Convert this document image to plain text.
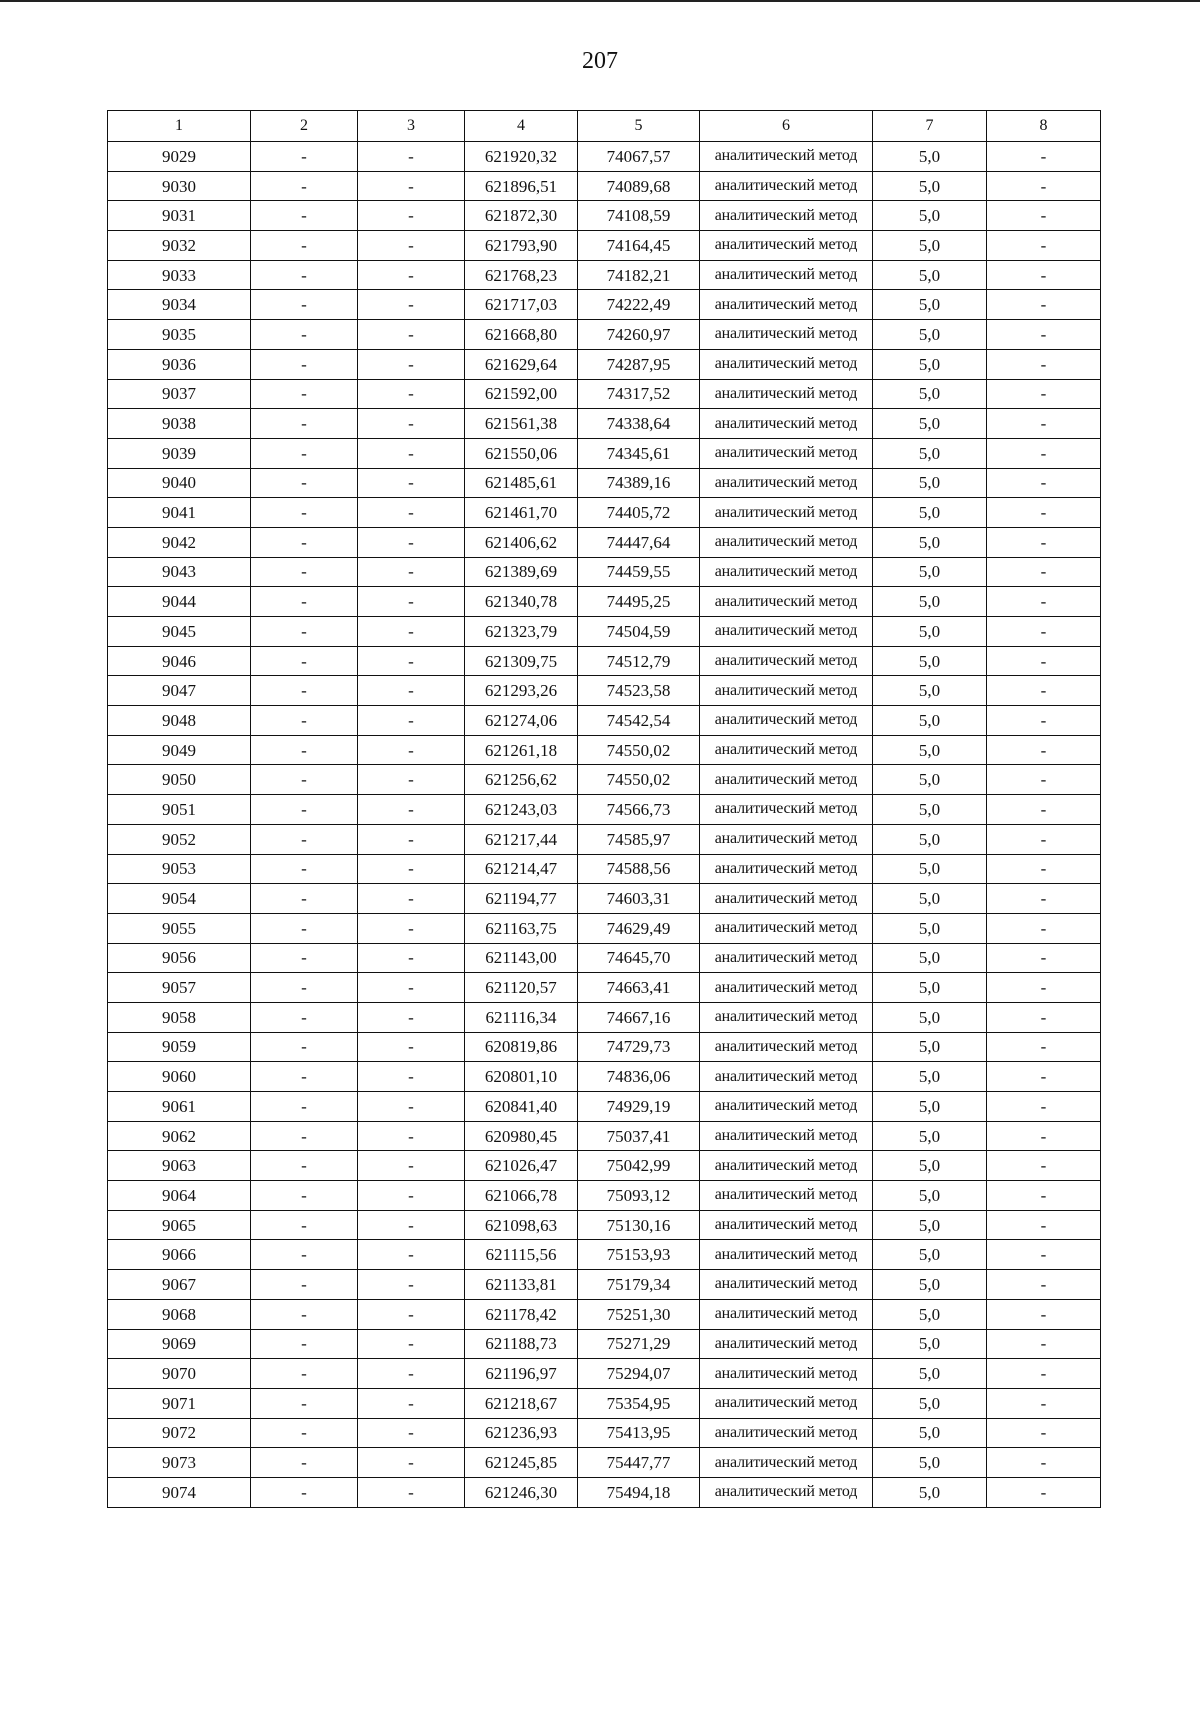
207
1	2	3	4	5	6	7	8
9029	-	-	621920,32	74067,57	аналитический метод	5,0	-
9030	-	-	621896,51	74089,68	аналитический метод	5,0	-
9031	-	-	621872,30	74108,59	аналитический метод	5,0	-
9032	-	-	621793,90	74164,45	аналитический метод	5,0	-
9033	-	-	621768,23	74182,21	аналитический метод	5,0	-
9034	-	-	621717,03	74222,49	аналитический метод	5,0	-
9035	-	-	621668,80	74260,97	аналитический метод	5,0	-
9036	-	-	621629,64	74287,95	аналитический метод	5,0	-
9037	-	-	621592,00	74317,52	аналитический метод	5,0	-
9038	-	-	621561,38	74338,64	аналитический метод	5,0	-
9039	-	-	621550,06	74345,61	аналитический метод	5,0	-
9040	-	-	621485,61	74389,16	аналитический метод	5,0	-
9041	-	-	621461,70	74405,72	аналитический метод	5,0	-
9042	-	-	621406,62	74447,64	аналитический метод	5,0	-
9043	-	-	621389,69	74459,55	аналитический метод	5,0	-
9044	-	-	621340,78	74495,25	аналитический метод	5,0	-
9045	-	-	621323,79	74504,59	аналитический метод	5,0	-
9046	-	-	621309,75	74512,79	аналитический метод	5,0	-
9047	-	-	621293,26	74523,58	аналитический метод	5,0	-
9048	-	-	621274,06	74542,54	аналитический метод	5,0	-
9049	-	-	621261,18	74550,02	аналитический метод	5,0	-
9050	-	-	621256,62	74550,02	аналитический метод	5,0	-
9051	-	-	621243,03	74566,73	аналитический метод	5,0	-
9052	-	-	621217,44	74585,97	аналитический метод	5,0	-
9053	-	-	621214,47	74588,56	аналитический метод	5,0	-
9054	-	-	621194,77	74603,31	аналитический метод	5,0	-
9055	-	-	621163,75	74629,49	аналитический метод	5,0	-
9056	-	-	621143,00	74645,70	аналитический метод	5,0	-
9057	-	-	621120,57	74663,41	аналитический метод	5,0	-
9058	-	-	621116,34	74667,16	аналитический метод	5,0	-
9059	-	-	620819,86	74729,73	аналитический метод	5,0	-
9060	-	-	620801,10	74836,06	аналитический метод	5,0	-
9061	-	-	620841,40	74929,19	аналитический метод	5,0	-
9062	-	-	620980,45	75037,41	аналитический метод	5,0	-
9063	-	-	621026,47	75042,99	аналитический метод	5,0	-
9064	-	-	621066,78	75093,12	аналитический метод	5,0	-
9065	-	-	621098,63	75130,16	аналитический метод	5,0	-
9066	-	-	621115,56	75153,93	аналитический метод	5,0	-
9067	-	-	621133,81	75179,34	аналитический метод	5,0	-
9068	-	-	621178,42	75251,30	аналитический метод	5,0	-
9069	-	-	621188,73	75271,29	аналитический метод	5,0	-
9070	-	-	621196,97	75294,07	аналитический метод	5,0	-
9071	-	-	621218,67	75354,95	аналитический метод	5,0	-
9072	-	-	621236,93	75413,95	аналитический метод	5,0	-
9073	-	-	621245,85	75447,77	аналитический метод	5,0	-
9074	-	-	621246,30	75494,18	аналитический метод	5,0	-
